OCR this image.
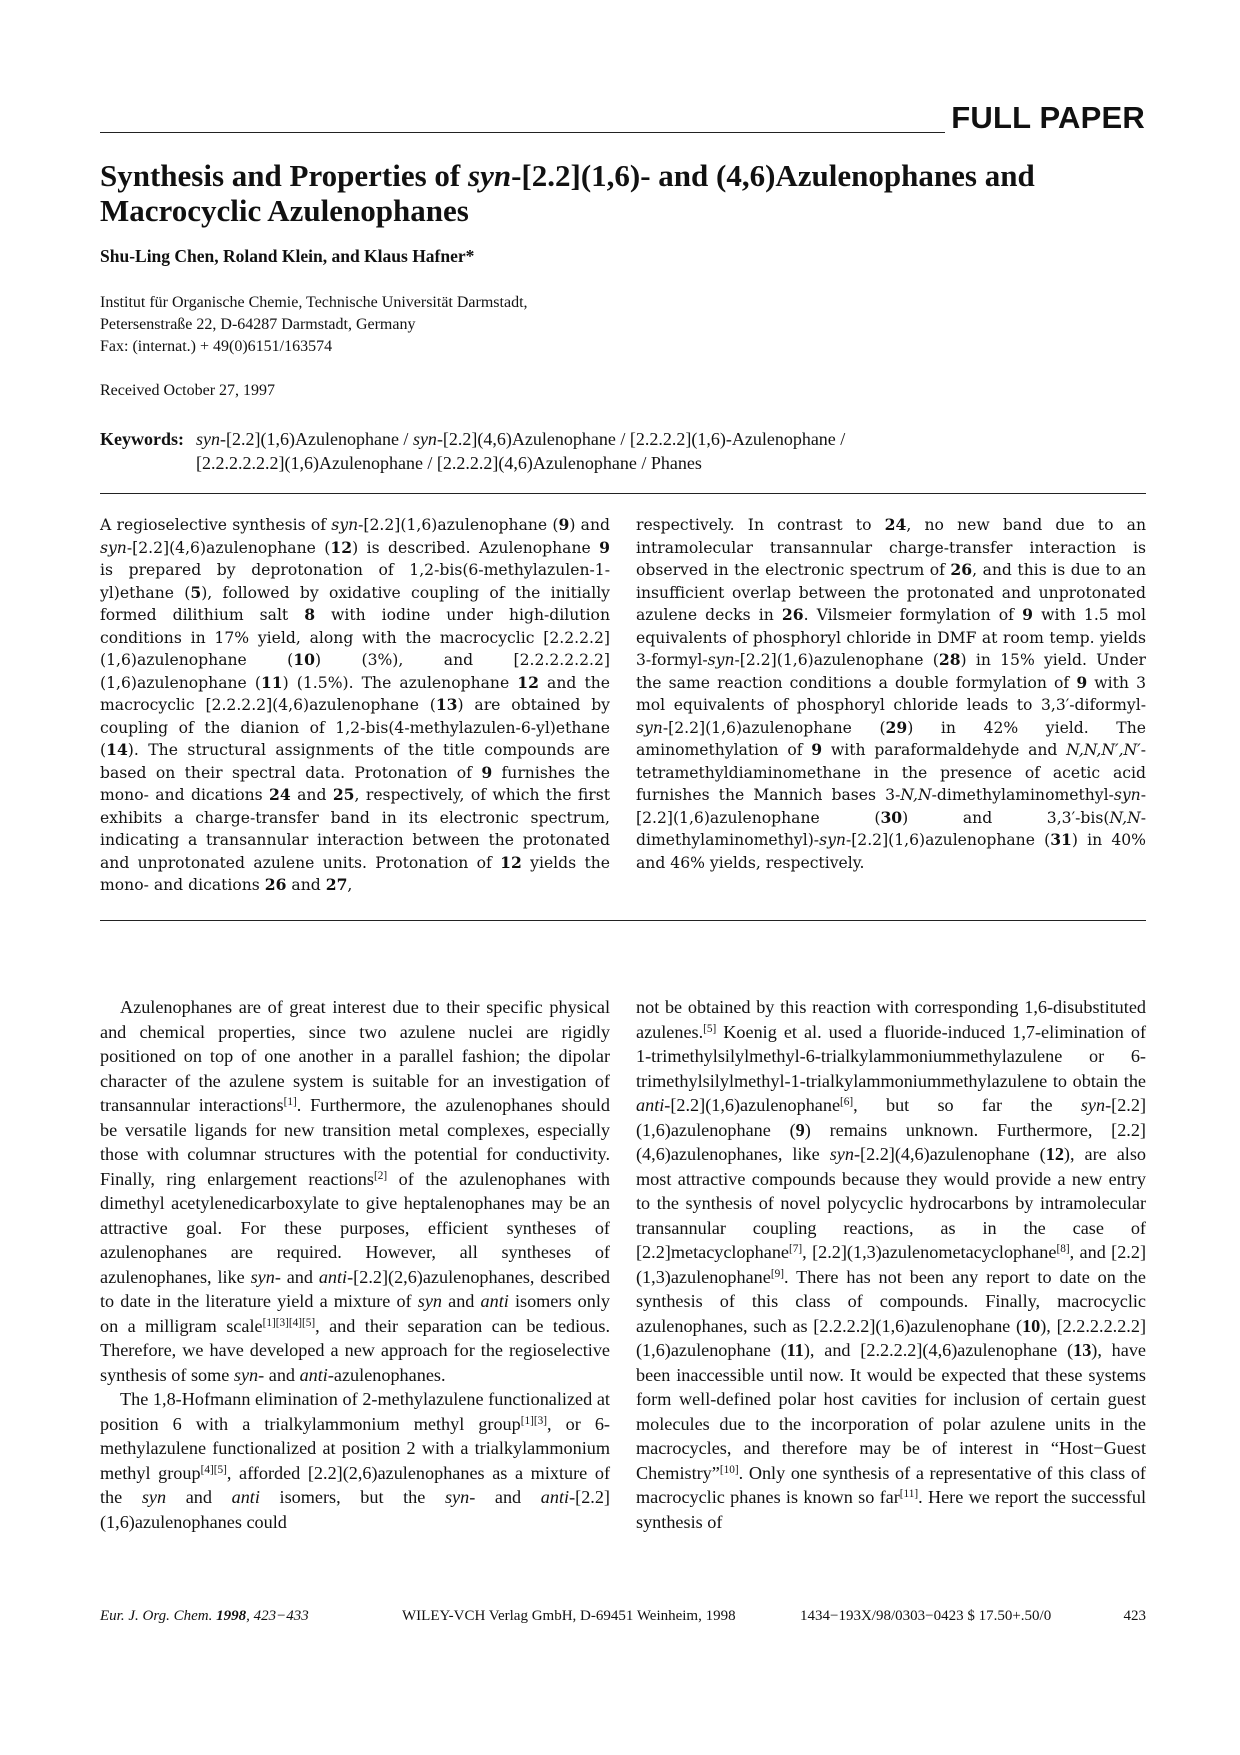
FULL PAPER
Synthesis and Properties of syn-[2.2](1,6)- and (4,6)Azulenophanes and
Macrocyclic Azulenophanes
Shu-Ling Chen, Roland Klein, and Klaus Hafner*
Institut für Organische Chemie, Technische Universität Darmstadt,
Petersenstraße 22, D-64287 Darmstadt, Germany
Fax: (internat.) + 49(0)6151/163574
Received October 27, 1997
Keywords: syn-[2.2](1,6)Azulenophane / syn-[2.2](4,6)Azulenophane / [2.2.2.2](1,6)-Azulenophane /
[2.2.2.2.2.2](1,6)Azulenophane / [2.2.2.2](4,6)Azulenophane / Phanes

A regioselective synthesis of syn-[2.2](1,6)azulenophane (9) and syn-[2.2](4,6)azulenophane (12) is described. Azulenophane 9 is prepared by deprotonation of 1,2-bis(6-methylazulen-1-yl)ethane (5), followed by oxidative coupling of the initially formed dilithium salt 8 with iodine under high-dilution conditions in 17% yield, along with the macrocyclic [2.2.2.2](1,6)azulenophane (10) (3%), and [2.2.2.2.2.2](1,6)azulenophane (11) (1.5%). The azulenophane 12 and the macrocyclic [2.2.2.2](4,6)azulenophane (13) are obtained by coupling of the dianion of 1,2-bis(4-methylazulen-6-yl)ethane (14). The structural assignments of the title compounds are based on their spectral data. Protonation of 9 furnishes the mono- and dications 24 and 25, respectively, of which the first exhibits a charge-transfer band in its electronic spectrum, indicating a transannular interaction between the protonated and unprotonated azulene units. Protonation of 12 yields the mono- and dications 26 and 27,

respectively. In contrast to 24, no new band due to an intramolecular transannular charge-transfer interaction is observed in the electronic spectrum of 26, and this is due to an insufficient overlap between the protonated and unprotonated azulene decks in 26. Vilsmeier formylation of 9 with 1.5 mol equivalents of phosphoryl chloride in DMF at room temp. yields 3-formyl-syn-[2.2](1,6)azulenophane (28) in 15% yield. Under the same reaction conditions a double formylation of 9 with 3 mol equivalents of phosphoryl chloride leads to 3,3′-diformyl-syn-[2.2](1,6)azulenophane (29) in 42% yield. The aminomethylation of 9 with paraformaldehyde and N,N,N′,N′-tetramethyldiaminomethane in the presence of acetic acid furnishes the Mannich bases 3-N,N-dimethylaminomethyl-syn-[2.2](1,6)azulenophane (30) and 3,3′-bis(N,N-dimethylaminomethyl)-syn-[2.2](1,6)azulenophane (31) in 40% and 46% yields, respectively.

Azulenophanes are of great interest due to their specific physical and chemical properties, since two azulene nuclei are rigidly positioned on top of one another in a parallel fashion; the dipolar character of the azulene system is suitable for an investigation of transannular interactions[1]. Furthermore, the azulenophanes should be versatile ligands for new transition metal complexes, especially those with columnar structures with the potential for conductivity. Finally, ring enlargement reactions[2] of the azulenophanes with dimethyl acetylenedicarboxylate to give heptalenophanes may be an attractive goal. For these purposes, efficient syntheses of azulenophanes are required. However, all syntheses of azulenophanes, like syn- and anti-[2.2](2,6)azulenophanes, described to date in the literature yield a mixture of syn and anti isomers only on a milligram scale[1][3][4][5], and their separation can be tedious. Therefore, we have developed a new approach for the regioselective synthesis of some syn- and anti-azulenophanes.

The 1,8-Hofmann elimination of 2-methylazulene functionalized at position 6 with a trialkylammonium methyl group[1][3], or 6-methylazulene functionalized at position 2 with a trialkylammonium methyl group[4][5], afforded [2.2](2,6)azulenophanes as a mixture of the syn and anti isomers, but the syn- and anti-[2.2](1,6)azulenophanes could

not be obtained by this reaction with corresponding 1,6-disubstituted azulenes.[5] Koenig et al. used a fluoride-induced 1,7-elimination of 1-trimethylsilylmethyl-6-trialkylammoniummethylazulene or 6-trimethylsilylmethyl-1-trialkylammoniummethylazulene to obtain the anti-[2.2](1,6)azulenophane[6], but so far the syn-[2.2](1,6)azulenophane (9) remains unknown. Furthermore, [2.2](4,6)azulenophanes, like syn-[2.2](4,6)azulenophane (12), are also most attractive compounds because they would provide a new entry to the synthesis of novel polycyclic hydrocarbons by intramolecular transannular coupling reactions, as in the case of [2.2]metacyclophane[7], [2.2](1,3)azulenometacyclophane[8], and [2.2](1,3)azulenophane[9]. There has not been any report to date on the synthesis of this class of compounds. Finally, macrocyclic azulenophanes, such as [2.2.2.2](1,6)azulenophane (10), [2.2.2.2.2.2](1,6)azulenophane (11), and [2.2.2.2](4,6)azulenophane (13), have been inaccessible until now. It would be expected that these systems form well-defined polar host cavities for inclusion of certain guest molecules due to the incorporation of polar azulene units in the macrocycles, and therefore may be of interest in “Host−Guest Chemistry”[10]. Only one synthesis of a representative of this class of macrocyclic phanes is known so far[11]. Here we report the successful synthesis of

Eur. J. Org. Chem. 1998, 423−433	WILEY-VCH Verlag GmbH, D-69451 Weinheim, 1998	1434−193X/98/0303−0423 $ 17.50+.50/0	423
